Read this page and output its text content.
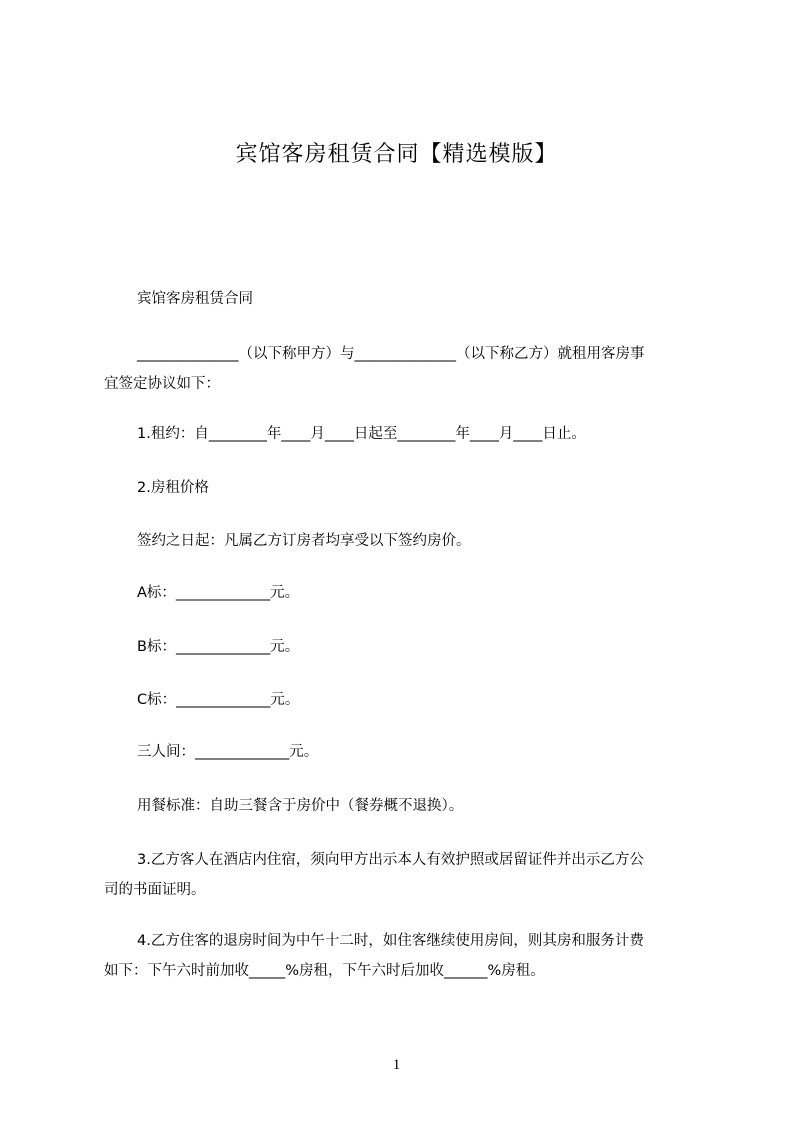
宾馆客房租赁合同【精选模版】
宾馆客房租赁合同
______________（以下称甲方）与______________（以下称乙方）就租用客房事
宜签定协议如下：
1.租约：自________年____月____日起至________年____月____日止。
2.房租价格
签约之日起：凡属乙方订房者均享受以下签约房价。
A标：_____________元。
B标：_____________元。
C标：_____________元。
三人间：_____________元。
用餐标准：自助三餐含于房价中（餐券概不退换）。
3.乙方客人在酒店内住宿，须向甲方出示本人有效护照或居留证件并出示乙方公
司的书面证明。
4.乙方住客的退房时间为中午十二时，如住客继续使用房间，则其房和服务计费
如下：下午六时前加收_____%房租，下午六时后加收______%房租。
1
